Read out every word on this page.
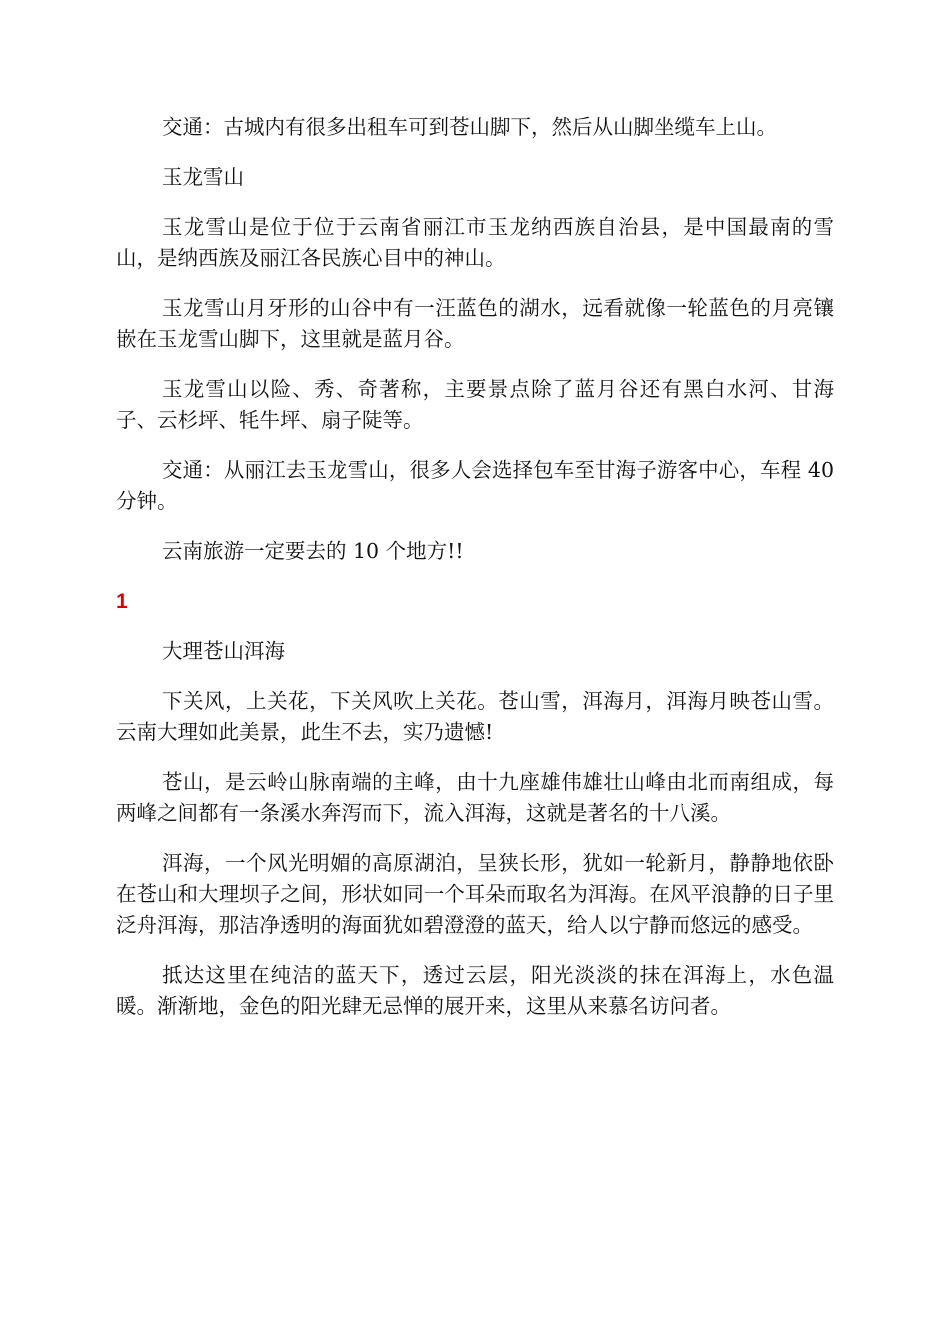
交通：古城内有很多出租车可到苍山脚下，然后从山脚坐缆车上山。

玉龙雪山

玉龙雪山是位于位于云南省丽江市玉龙纳西族自治县，是中国最南的雪山，是纳西族及丽江各民族心目中的神山。

玉龙雪山月牙形的山谷中有一汪蓝色的湖水，远看就像一轮蓝色的月亮镶嵌在玉龙雪山脚下，这里就是蓝月谷。

玉龙雪山以险、秀、奇著称，主要景点除了蓝月谷还有黑白水河、甘海子、云杉坪、牦牛坪、扇子陡等。

交通：从丽江去玉龙雪山，很多人会选择包车至甘海子游客中心，车程 40 分钟。

云南旅游一定要去的 10 个地方!!

1

大理苍山洱海

下关风，上关花，下关风吹上关花。苍山雪，洱海月，洱海月映苍山雪。云南大理如此美景，此生不去，实乃遗憾!

苍山，是云岭山脉南端的主峰，由十九座雄伟雄壮山峰由北而南组成，每两峰之间都有一条溪水奔泻而下，流入洱海，这就是著名的十八溪。

洱海，一个风光明媚的高原湖泊，呈狭长形，犹如一轮新月，静静地依卧在苍山和大理坝子之间，形状如同一个耳朵而取名为洱海。在风平浪静的日子里泛舟洱海，那洁净透明的海面犹如碧澄澄的蓝天，给人以宁静而悠远的感受。

抵达这里在纯洁的蓝天下，透过云层，阳光淡淡的抹在洱海上，水色温暖。渐渐地，金色的阳光肆无忌惮的展开来，这里从来慕名访问者。
